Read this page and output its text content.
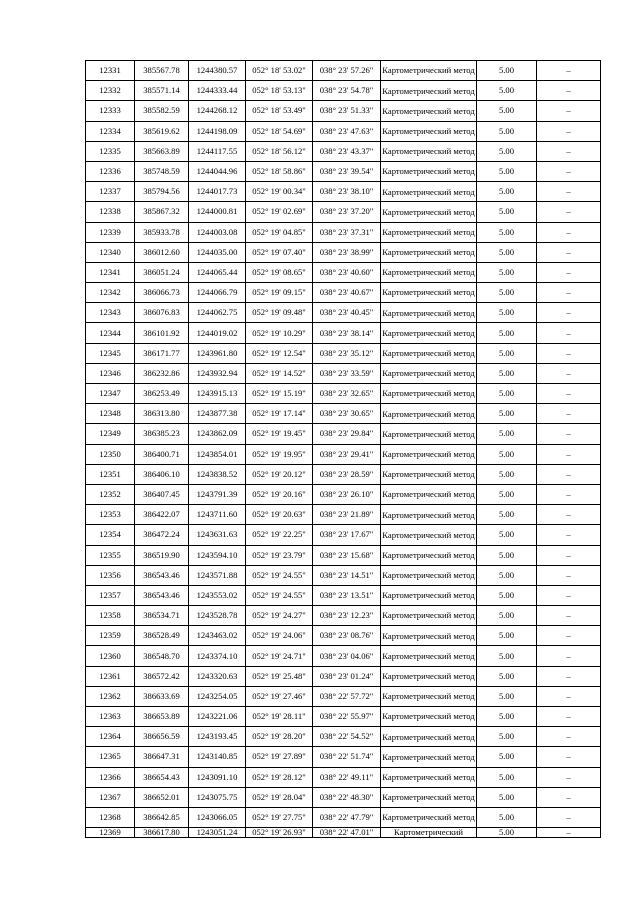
12331	385567.78	1244380.57	052° 18' 53.02"	038° 23' 57.26"	Картометрический метод	5.00	–
12332	385571.14	1244333.44	052° 18' 53.13"	038° 23' 54.78"	Картометрический метод	5.00	–
12333	385582.59	1244268.12	052° 18' 53.49"	038° 23' 51.33"	Картометрический метод	5.00	–
12334	385619.62	1244198.09	052° 18' 54.69"	038° 23' 47.63"	Картометрический метод	5.00	–
12335	385663.89	1244117.55	052° 18' 56.12"	038° 23' 43.37"	Картометрический метод	5.00	–
12336	385748.59	1244044.96	052° 18' 58.86"	038° 23' 39.54"	Картометрический метод	5.00	–
12337	385794.56	1244017.73	052° 19' 00.34"	038° 23' 38.10"	Картометрический метод	5.00	–
12338	385867.32	1244000.81	052° 19' 02.69"	038° 23' 37.20"	Картометрический метод	5.00	–
12339	385933.78	1244003.08	052° 19' 04.85"	038° 23' 37.31"	Картометрический метод	5.00	–
12340	386012.60	1244035.00	052° 19' 07.40"	038° 23' 38.99"	Картометрический метод	5.00	–
12341	386051.24	1244065.44	052° 19' 08.65"	038° 23' 40.60"	Картометрический метод	5.00	–
12342	386066.73	1244066.79	052° 19' 09.15"	038° 23' 40.67"	Картометрический метод	5.00	–
12343	386076.83	1244062.75	052° 19' 09.48"	038° 23' 40.45"	Картометрический метод	5.00	–
12344	386101.92	1244019.02	052° 19' 10.29"	038° 23' 38.14"	Картометрический метод	5.00	–
12345	386171.77	1243961.80	052° 19' 12.54"	038° 23' 35.12"	Картометрический метод	5.00	–
12346	386232.86	1243932.94	052° 19' 14.52"	038° 23' 33.59"	Картометрический метод	5.00	–
12347	386253.49	1243915.13	052° 19' 15.19"	038° 23' 32.65"	Картометрический метод	5.00	–
12348	386313.80	1243877.38	052° 19' 17.14"	038° 23' 30.65"	Картометрический метод	5.00	–
12349	386385.23	1243862.09	052° 19' 19.45"	038° 23' 29.84"	Картометрический метод	5.00	–
12350	386400.71	1243854.01	052° 19' 19.95"	038° 23' 29.41"	Картометрический метод	5.00	–
12351	386406.10	1243838.52	052° 19' 20.12"	038° 23' 28.59"	Картометрический метод	5.00	–
12352	386407.45	1243791.39	052° 19' 20.16"	038° 23' 26.10"	Картометрический метод	5.00	–
12353	386422.07	1243711.60	052° 19' 20.63"	038° 23' 21.89"	Картометрический метод	5.00	–
12354	386472.24	1243631.63	052° 19' 22.25"	038° 23' 17.67"	Картометрический метод	5.00	–
12355	386519.90	1243594.10	052° 19' 23.79"	038° 23' 15.68"	Картометрический метод	5.00	–
12356	386543.46	1243571.88	052° 19' 24.55"	038° 23' 14.51"	Картометрический метод	5.00	–
12357	386543.46	1243553.02	052° 19' 24.55"	038° 23' 13.51"	Картометрический метод	5.00	–
12358	386534.71	1243528.78	052° 19' 24.27"	038° 23' 12.23"	Картометрический метод	5.00	–
12359	386528.49	1243463.02	052° 19' 24.06"	038° 23' 08.76"	Картометрический метод	5.00	–
12360	386548.70	1243374.10	052° 19' 24.71"	038° 23' 04.06"	Картометрический метод	5.00	–
12361	386572.42	1243320.63	052° 19' 25.48"	038° 23' 01.24"	Картометрический метод	5.00	–
12362	386633.69	1243254.05	052° 19' 27.46"	038° 22' 57.72"	Картометрический метод	5.00	–
12363	386653.89	1243221.06	052° 19' 28.11"	038° 22' 55.97"	Картометрический метод	5.00	–
12364	386656.59	1243193.45	052° 19' 28.20"	038° 22' 54.52"	Картометрический метод	5.00	–
12365	386647.31	1243140.85	052° 19' 27.89"	038° 22' 51.74"	Картометрический метод	5.00	–
12366	386654.43	1243091.10	052° 19' 28.12"	038° 22' 49.11"	Картометрический метод	5.00	–
12367	386652.01	1243075.75	052° 19' 28.04"	038° 22' 48.30"	Картометрический метод	5.00	–
12368	386642.85	1243066.05	052° 19' 27.75"	038° 22' 47.79"	Картометрический метод	5.00	–
12369	386617.80	1243051.24	052° 19' 26.93"	038° 22' 47.01"	Картометрический	5.00	–
